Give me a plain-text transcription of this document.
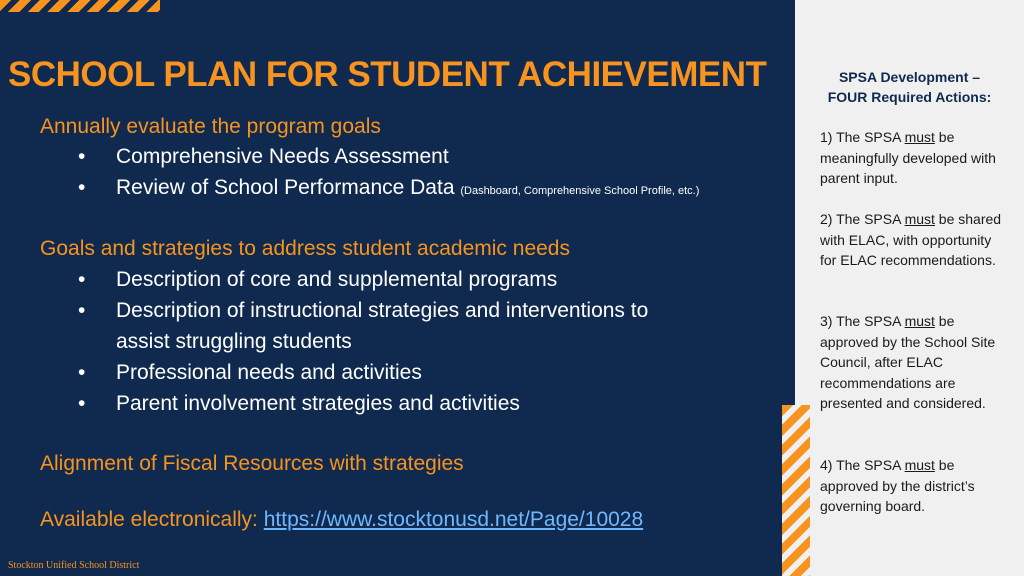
SCHOOL PLAN FOR STUDENT ACHIEVEMENT
Annually evaluate the program goals
• Comprehensive Needs Assessment
• Review of School Performance Data (Dashboard, Comprehensive School Profile, etc.)
Goals and strategies to address student academic needs
• Description of core and supplemental programs
• Description of instructional strategies and interventions to
assist struggling students
• Professional needs and activities
• Parent involvement strategies and activities
Alignment of Fiscal Resources with strategies
Available electronically: https://www.stocktonusd.net/Page/10028
Stockton Unified School District
SPSA Development –
FOUR Required Actions:
1) The SPSA must be meaningfully developed with parent input.
2) The SPSA must be shared with ELAC, with opportunity for ELAC recommendations.
3) The SPSA must be approved by the School Site Council, after ELAC recommendations are presented and considered.
4) The SPSA must be approved by the district’s governing board.
